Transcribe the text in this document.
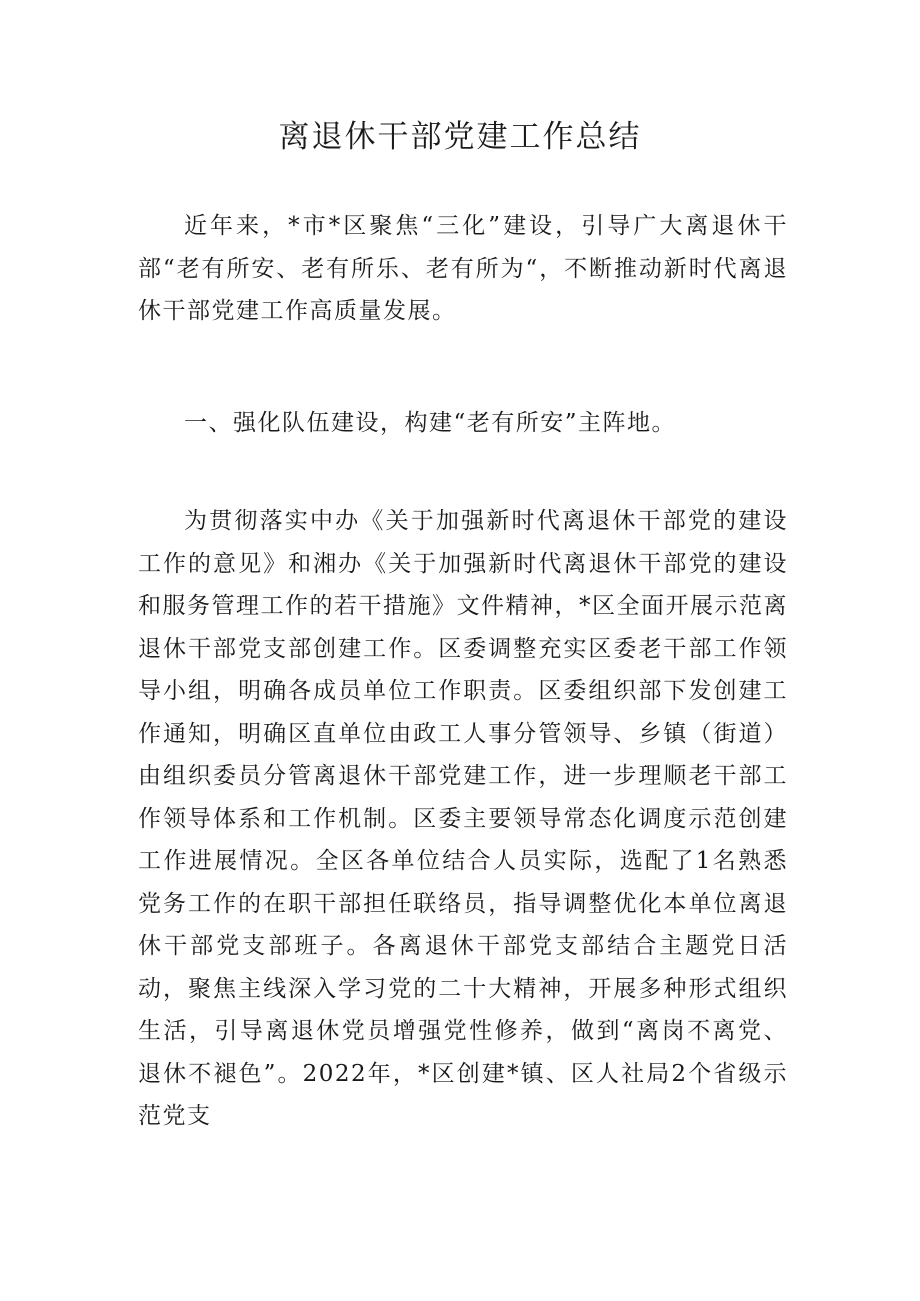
离退休干部党建工作总结

近年来，*市*区聚焦“三化”建设，引导广大离退休干部“老有所安、老有所乐、老有所为“，不断推动新时代离退休干部党建工作高质量发展。

一、强化队伍建设，构建“老有所安”主阵地。

为贯彻落实中办《关于加强新时代离退休干部党的建设工作的意见》和湘办《关于加强新时代离退休干部党的建设和服务管理工作的若干措施》文件精神，*区全面开展示范离退休干部党支部创建工作。区委调整充实区委老干部工作领导小组，明确各成员单位工作职责。区委组织部下发创建工作通知，明确区直单位由政工人事分管领导、乡镇（街道）由组织委员分管离退休干部党建工作，进一步理顺老干部工作领导体系和工作机制。区委主要领导常态化调度示范创建工作进展情况。全区各单位结合人员实际，选配了1名熟悉党务工作的在职干部担任联络员，指导调整优化本单位离退休干部党支部班子。各离退休干部党支部结合主题党日活动，聚焦主线深入学习党的二十大精神，开展多种形式组织生活，引导离退休党员增强党性修养，做到“离岗不离党、退休不褪色”。2022年，*区创建*镇、区人社局2个省级示范党支
